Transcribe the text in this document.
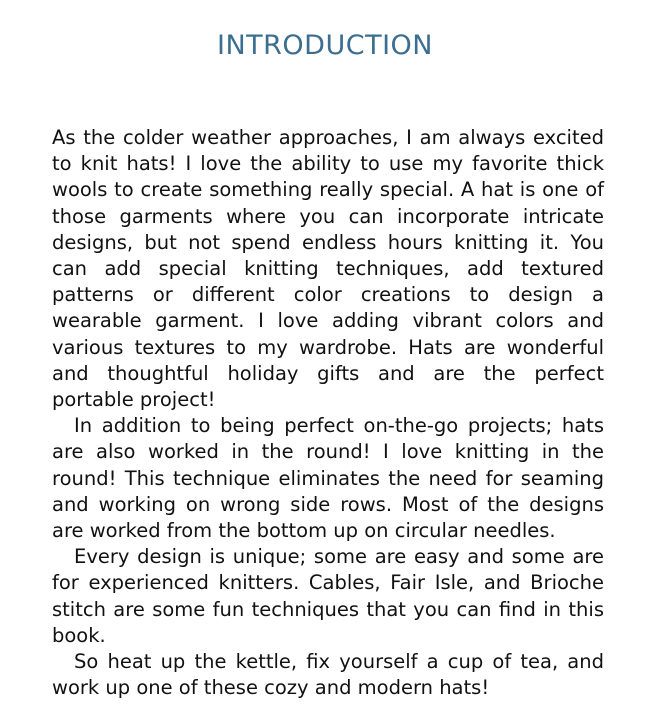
INTRODUCTION

As the colder weather approaches, I am always excited to knit hats! I love the ability to use my favorite thick wools to create something really special. A hat is one of those garments where you can incorporate intricate designs, but not spend endless hours knitting it. You can add special knitting techniques, add textured patterns or different color creations to design a wearable garment. I love adding vibrant colors and various textures to my wardrobe. Hats are wonderful and thoughtful holiday gifts and are the perfect portable project!

In addition to being perfect on-the-go projects; hats are also worked in the round! I love knitting in the round! This technique eliminates the need for seaming and working on wrong side rows. Most of the designs are worked from the bottom up on circular needles.

Every design is unique; some are easy and some are for experienced knitters. Cables, Fair Isle, and Brioche stitch are some fun techniques that you can find in this book.

So heat up the kettle, fix yourself a cup of tea, and work up one of these cozy and modern hats!
